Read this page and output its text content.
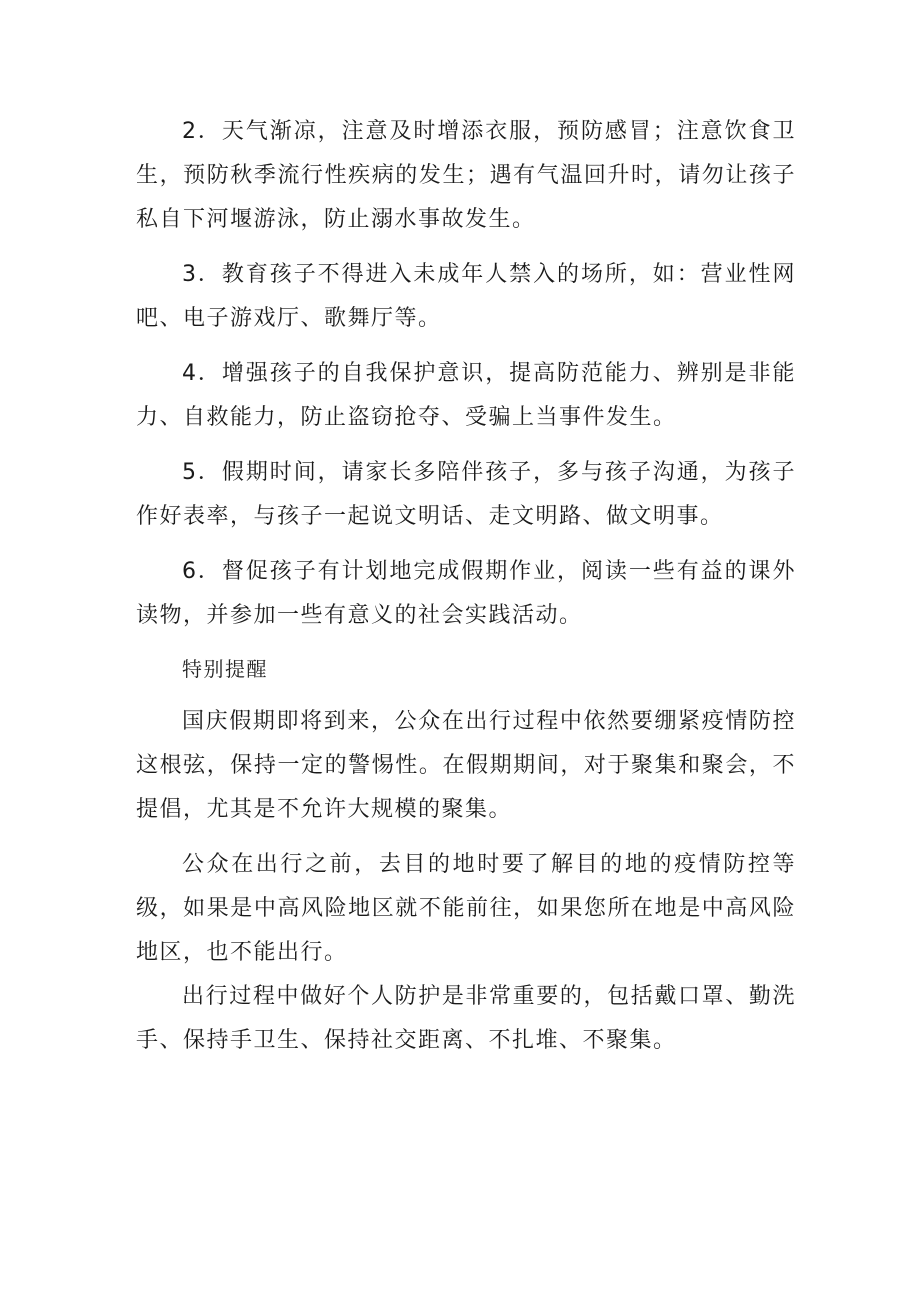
2．天气渐凉，注意及时增添衣服，预防感冒；注意饮食卫生，预防秋季流行性疾病的发生；遇有气温回升时，请勿让孩子私自下河堰游泳，防止溺水事故发生。

3．教育孩子不得进入未成年人禁入的场所，如：营业性网吧、电子游戏厅、歌舞厅等。

4．增强孩子的自我保护意识，提高防范能力、辨别是非能力、自救能力，防止盗窃抢夺、受骗上当事件发生。

5．假期时间，请家长多陪伴孩子，多与孩子沟通，为孩子作好表率，与孩子一起说文明话、走文明路、做文明事。

6．督促孩子有计划地完成假期作业，阅读一些有益的课外读物，并参加一些有意义的社会实践活动。

特别提醒

国庆假期即将到来，公众在出行过程中依然要绷紧疫情防控这根弦，保持一定的警惕性。在假期期间，对于聚集和聚会，不提倡，尤其是不允许大规模的聚集。

公众在出行之前，去目的地时要了解目的地的疫情防控等级，如果是中高风险地区就不能前往，如果您所在地是中高风险地区，也不能出行。

出行过程中做好个人防护是非常重要的，包括戴口罩、勤洗手、保持手卫生、保持社交距离、不扎堆、不聚集。
